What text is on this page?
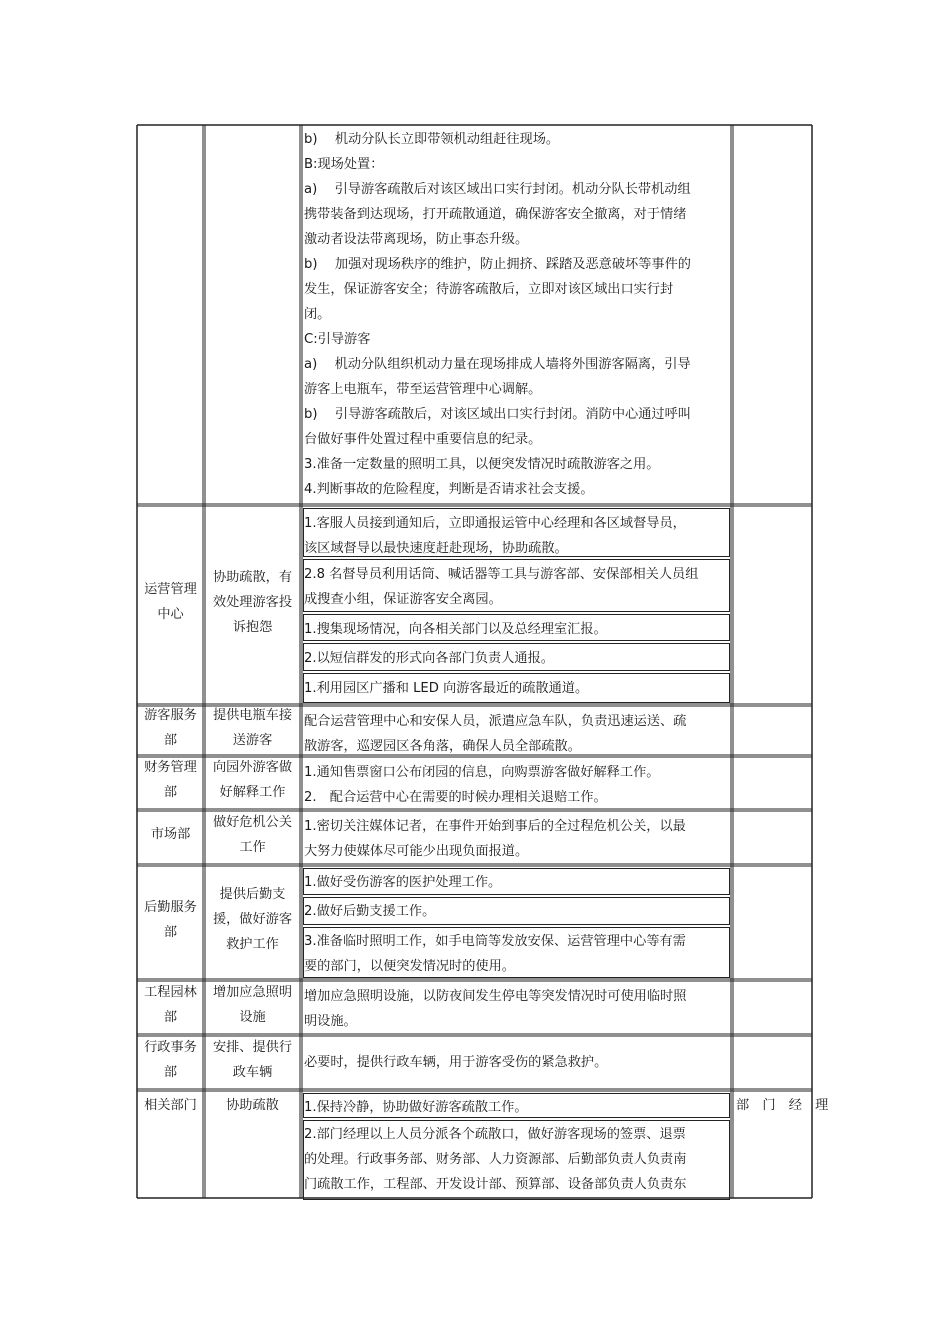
b)　 机动分队长立即带领机动组赶往现场。
B:现场处置：
a)　 引导游客疏散后对该区域出口实行封闭。机动分队长带机动组
携带装备到达现场，打开疏散通道，确保游客安全撤离，对于情绪
激动者设法带离现场，防止事态升级。
b)　 加强对现场秩序的维护，防止拥挤、踩踏及恶意破坏等事件的
发生，保证游客安全；待游客疏散后，立即对该区域出口实行封
闭。
C:引导游客
a)　 机动分队组织机动力量在现场排成人墙将外围游客隔离，引导
游客上电瓶车，带至运营管理中心调解。
b)　 引导游客疏散后，对该区域出口实行封闭。消防中心通过呼叫
台做好事件处置过程中重要信息的纪录。
3.准备一定数量的照明工具，以便突发情况时疏散游客之用。
4.判断事故的危险程度，判断是否请求社会支援。
运营管理
中心
协助疏散，有
效处理游客投
诉抱怨
1.客服人员接到通知后，立即通报运管中心经理和各区域督导员，
该区域督导以最快速度赶赴现场，协助疏散。
2.8 名督导员利用话筒、喊话器等工具与游客部、安保部相关人员组
成搜查小组，保证游客安全离园。
1.搜集现场情况，向各相关部门以及总经理室汇报。
2.以短信群发的形式向各部门负责人通报。
1.利用园区广播和 LED 向游客最近的疏散通道。
游客服务
部
提供电瓶车接
送游客
配合运营管理中心和安保人员，派遣应急车队，负责迅速运送、疏
散游客，巡逻园区各角落，确保人员全部疏散。
财务管理
部
向园外游客做
好解释工作
1.通知售票窗口公布闭园的信息，向购票游客做好解释工作。
2.　配合运营中心在需要的时候办理相关退赔工作。
市场部
做好危机公关
工作
1.密切关注媒体记者，在事件开始到事后的全过程危机公关，以最
大努力使媒体尽可能少出现负面报道。
后勤服务
部
提供后勤支
援，做好游客
救护工作
1.做好受伤游客的医护处理工作。
2.做好后勤支援工作。
3.准备临时照明工作，如手电筒等发放安保、运营管理中心等有需
要的部门，以便突发情况时的使用。
工程园林
部
增加应急照明
设施
增加应急照明设施，以防夜间发生停电等突发情况时可使用临时照
明设施。
行政事务
部
安排、提供行
政车辆
必要时，提供行政车辆，用于游客受伤的紧急救护。
相关部门	协助疏散	部　门　经　理
1.保持冷静，协助做好游客疏散工作。
2.部门经理以上人员分派各个疏散口，做好游客现场的签票、退票
的处理。行政事务部、财务部、人力资源部、后勤部负责人负责南
门疏散工作，工程部、开发设计部、预算部、设备部负责人负责东
